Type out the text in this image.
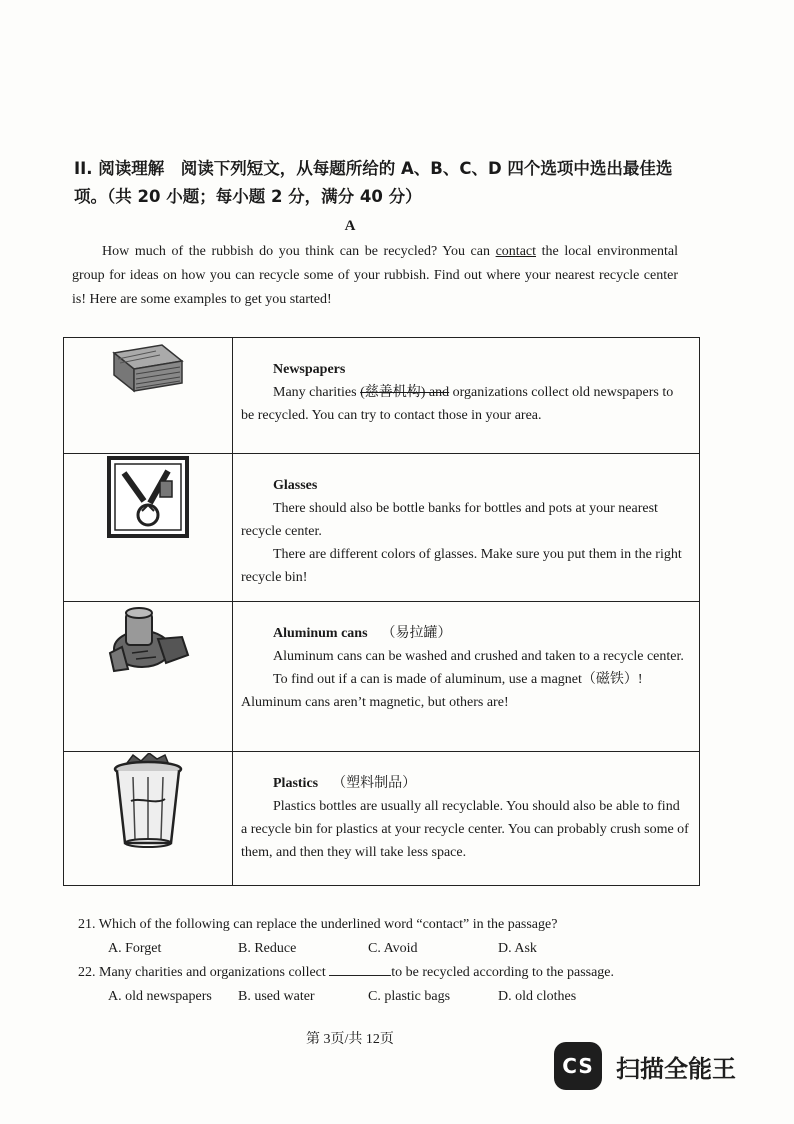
II. 阅读理解　阅读下列短文，从每题所给的 A、B、C、D 四个选项中选出最佳选项。（共 20 小题；每小题 2 分，满分 40 分）
A
How much of the rubbish do you think can be recycled? You can contact the local environmental group for ideas on how you can recycle some of your rubbish. Find out where your nearest recycle center is! Here are some examples to get you started!

Newspapers
Many charities (慈善机构) and organizations collect old newspapers to be recycled. You can try to contact those in your area.

Glasses
There should also be bottle banks for bottles and pots at your nearest recycle center.
There are different colors of glasses. Make sure you put them in the right recycle bin!

Aluminum cans （易拉罐）
Aluminum cans can be washed and crushed and taken to a recycle center.
To find out if a can is made of aluminum, use a magnet（磁铁）! Aluminum cans aren’t magnetic, but others are!

Plastics （塑料制品）
Plastics bottles are usually all recyclable. You should also be able to find a recycle bin for plastics at your recycle center. You can probably crush some of them, and then they will take less space.
21. Which of the following can replace the underlined word “contact” in the passage?
A. Forget	B. Reduce	C. Avoid	D. Ask
22. Many charities and organizations collect	to be recycled according to the passage.
A. old newspapers	B. used water	C. plastic bags	D. old clothes
第 3页/共 12页
CS 扫描全能王
